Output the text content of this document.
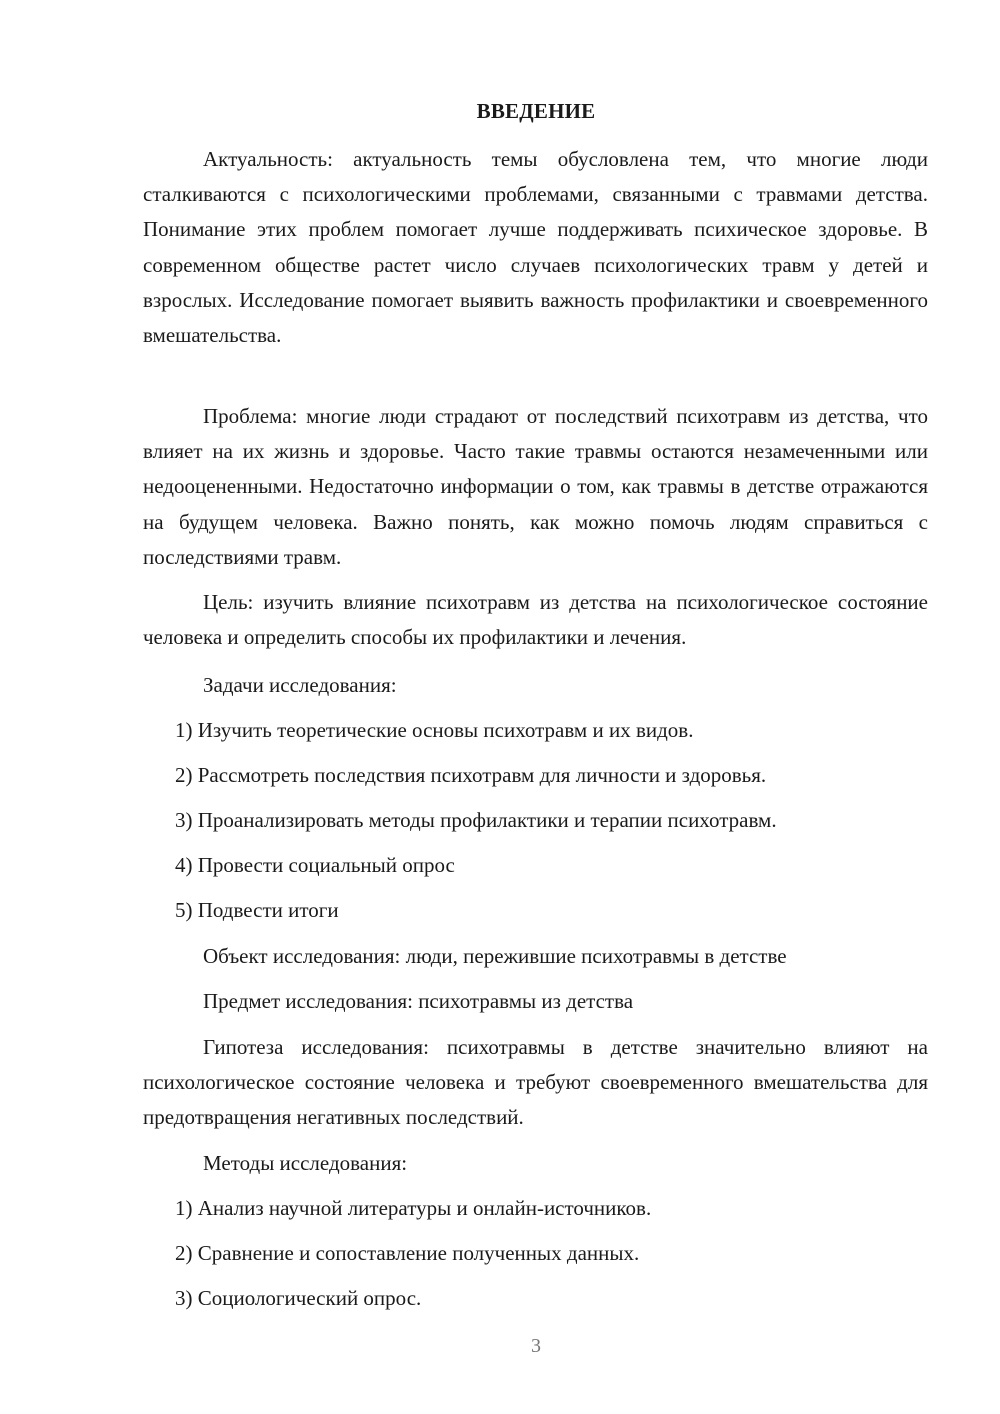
ВВЕДЕНИЕ

Актуальность: актуальность темы обусловлена тем, что многие люди сталкиваются с психологическими проблемами, связанными с травмами детства. Понимание этих проблем помогает лучше поддерживать психическое здоровье. В современном обществе растет число случаев психологических травм у детей и взрослых. Исследование помогает выявить важность профилактики и своевременного вмешательства.

Проблема: многие люди страдают от последствий психотравм из детства, что влияет на их жизнь и здоровье. Часто такие травмы остаются незамеченными или недооцененными. Недостаточно информации о том, как травмы в детстве отражаются на будущем человека. Важно понять, как можно помочь людям справиться с последствиями травм.

Цель: изучить влияние психотравм из детства на психологическое состояние человека и определить способы их профилактики и лечения.

Задачи исследования:

1) Изучить теоретические основы психотравм и их видов.

2) Рассмотреть последствия психотравм для личности и здоровья.

3) Проанализировать методы профилактики и терапии психотравм.

4) Провести социальный опрос

5) Подвести итоги

Объект исследования: люди, пережившие психотравмы в детстве

Предмет исследования: психотравмы из детства

Гипотеза исследования: психотравмы в детстве значительно влияют на психологическое состояние человека и требуют своевременного вмешательства для предотвращения негативных последствий.

Методы исследования:

1) Анализ научной литературы и онлайн-источников.

2) Сравнение и сопоставление полученных данных.

3) Социологический опрос.

3
